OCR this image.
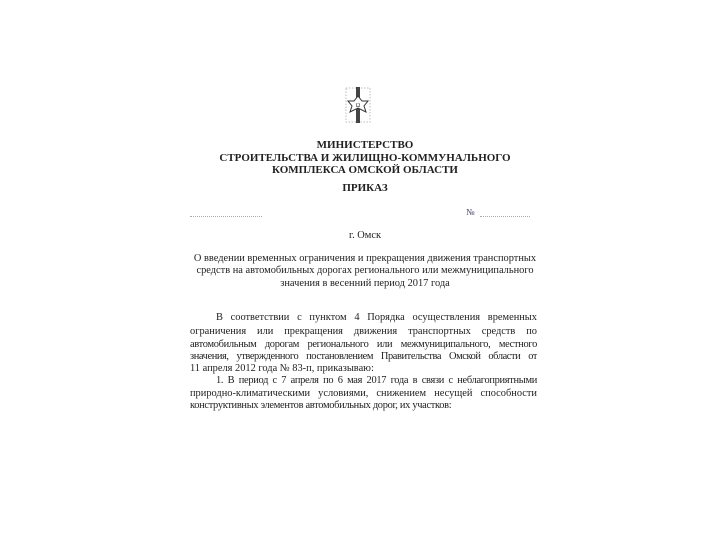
Ω
МИНИСТЕРСТВО
СТРОИТЕЛЬСТВА И ЖИЛИЩНО-КОММУНАЛЬНОГО
КОМПЛЕКСА ОМСКОЙ ОБЛАСТИ
ПРИКАЗ
№
г. Омск
О введении временных ограничения и прекращения движения транспортных
средств на автомобильных дорогах регионального или межмуниципального
значения в весенний период 2017 года
В соответствии с пунктом 4 Порядка осуществления временных
ограничения или прекращения движения транспортных средств по
автомобильным дорогам регионального или межмуниципального, местного
значения, утвержденного постановлением Правительства Омской области от
11 апреля 2012 года № 83-п, приказываю:
1. В период с 7 апреля по 6 мая 2017 года в связи с неблагоприятными
природно-климатическими условиями, снижением несущей способности
конструктивных элементов автомобильных дорог, их участков:
